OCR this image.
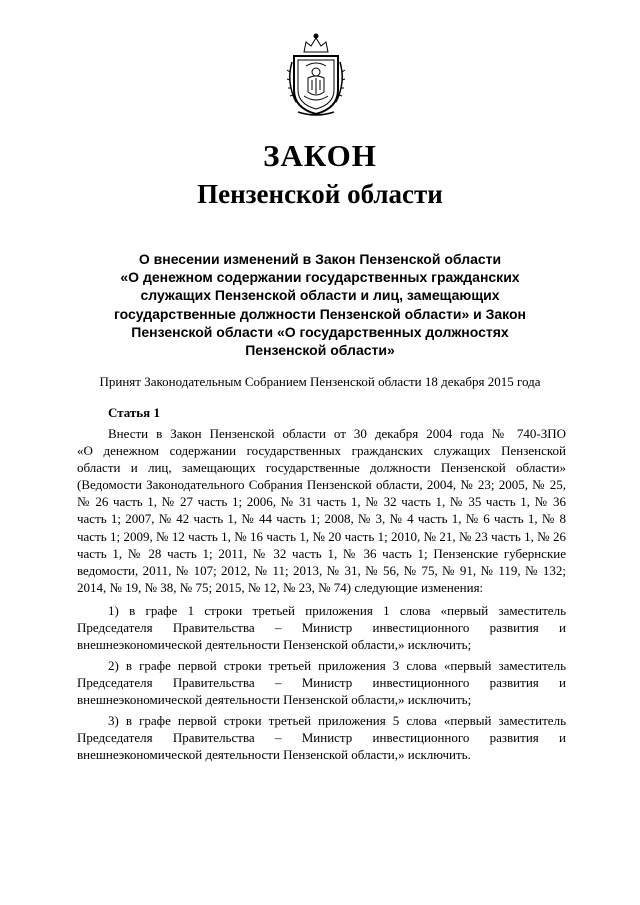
ЗАКОН
Пензенской области
О внесении изменений в Закон Пензенской области
«О денежном содержании государственных гражданских
служащих Пензенской области и лиц, замещающих
государственные должности Пензенской области» и Закон
Пензенской области «О государственных должностях
Пензенской области»
Принят Законодательным Собранием Пензенской области 18 декабря 2015 года
Статья 1
Внести в Закон Пензенской области от 30 декабря 2004 года № 740-ЗПО
«О денежном содержании государственных гражданских служащих Пензенской
области и лиц, замещающих государственные должности Пензенской области»
(Ведомости Законодательного Собрания Пензенской области, 2004, № 23; 2005, № 25,
№ 26 часть 1, № 27 часть 1; 2006, № 31 часть 1, № 32 часть 1, № 35 часть 1, № 36
часть 1; 2007, № 42 часть 1, № 44 часть 1; 2008, № 3, № 4 часть 1, № 6 часть 1, № 8
часть 1; 2009, № 12 часть 1, № 16 часть 1, № 20 часть 1; 2010, № 21, № 23 часть 1, № 26
часть 1, № 28 часть 1; 2011, № 32 часть 1, № 36 часть 1; Пензенские губернские
ведомости, 2011, № 107; 2012, № 11; 2013, № 31, № 56, № 75, № 91, № 119, № 132;
2014, № 19, № 38, № 75; 2015, № 12, № 23, № 74) следующие изменения:
1) в графе 1 строки третьей приложения 1 слова «первый заместитель
Председателя Правительства – Министр инвестиционного развития и
внешнеэкономической деятельности Пензенской области,» исключить;
2) в графе первой строки третьей приложения 3 слова «первый заместитель
Председателя Правительства – Министр инвестиционного развития и
внешнеэкономической деятельности Пензенской области,» исключить;
3) в графе первой строки третьей приложения 5 слова «первый заместитель
Председателя Правительства – Министр инвестиционного развития и
внешнеэкономической деятельности Пензенской области,» исключить.
